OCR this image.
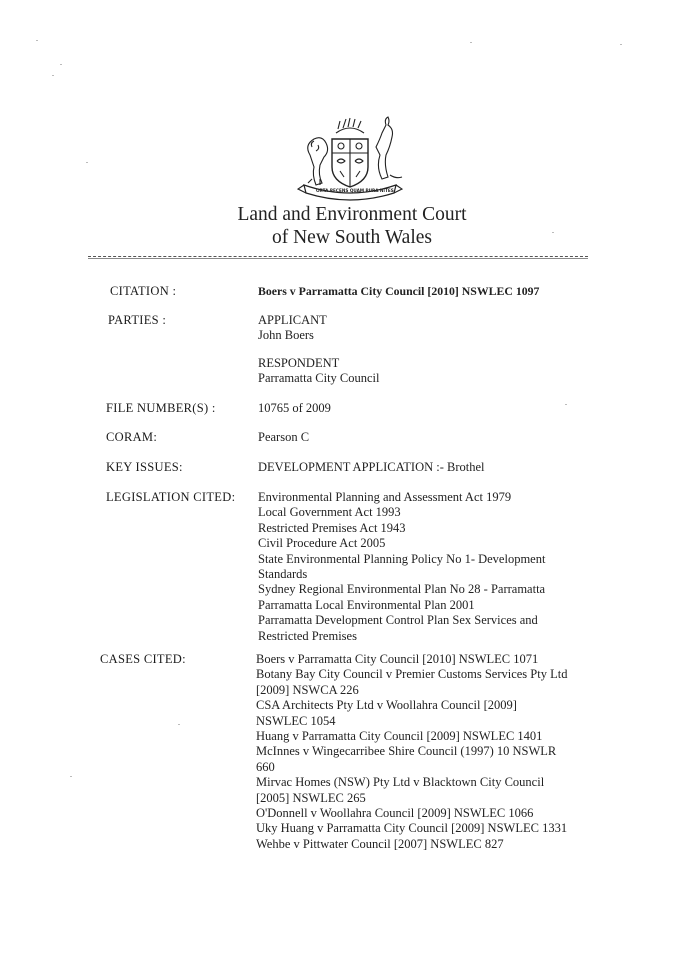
ORTA RECENS QUAM PURA NITES
Land and Environment Court
of New South Wales
CITATION :	Boers v Parramatta City Council [2010] NSWLEC 1097
PARTIES :	APPLICANT
John Boers
RESPONDENT
Parramatta City Council
FILE NUMBER(S) :	10765 of 2009
CORAM:	Pearson C
KEY ISSUES:	DEVELOPMENT APPLICATION :- Brothel
LEGISLATION CITED: Environmental Planning and Assessment Act 1979
Local Government Act 1993
Restricted Premises Act 1943
Civil Procedure Act 2005
State Environmental Planning Policy No 1- Development
Standards
Sydney Regional Environmental Plan No 28 - Parramatta
Parramatta Local Environmental Plan 2001
Parramatta Development Control Plan Sex Services and
Restricted Premises
CASES CITED:	Boers v Parramatta City Council [2010] NSWLEC 1071
Botany Bay City Council v Premier Customs Services Pty Ltd
[2009] NSWCA 226
CSA Architects Pty Ltd v Woollahra Council [2009]
NSWLEC 1054
Huang v Parramatta City Council [2009] NSWLEC 1401
McInnes v Wingecarribee Shire Council (1997) 10 NSWLR
660
Mirvac Homes (NSW) Pty Ltd v Blacktown City Council
[2005] NSWLEC 265
O'Donnell v Woollahra Council [2009] NSWLEC 1066
Uky Huang v Parramatta City Council [2009] NSWLEC 1331
Wehbe v Pittwater Council [2007] NSWLEC 827
